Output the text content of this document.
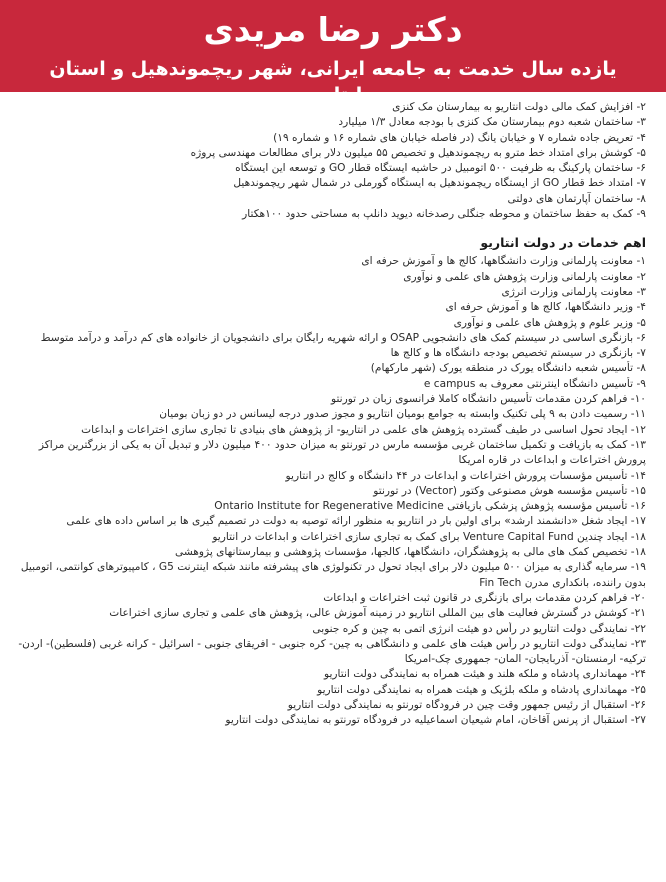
دکتر رضا مریدی
یازده سال خدمت به جامعه ایرانی، شهر ریچموندهیل و استان انتاریو
۲- افزایش کمک مالی دولت انتاریو به بیمارستان مک کنزی
۳- ساختمان شعبه دوم بیمارستان مک کنزی با بودجه معادل ۱/۳ میلیارد
۴- تعریض جاده شماره ۷ و خیابان یانگ (در فاصله خیابان های شماره ۱۶ و شماره ۱۹)
۵- کوشش برای امتداد خط مترو به ریچموندهیل و تخصیص ۵۵ میلیون دلار برای مطالعات مهندسی پروژه
۶- ساختمان پارکینگ به ظرفیت ۵۰۰ اتومبیل در حاشیه ایستگاه قطار GO و توسعه این ایستگاه
۷- امتداد خط قطار GO از ایستگاه ریچموندهیل به ایستگاه گورملی در شمال شهر ریچموندهیل
۸- ساختمان آپارتمان های دولتی
۹- کمک به حفظ ساختمان و محوطه جنگلی رصدخانه دیوید دانلپ به مساحتی حدود ۱۰۰هکتار
اهم خدمات در دولت انتاریو
۱- معاونت پارلمانی وزارت دانشگاهها، کالج ها و آموزش حرفه ای
۲- معاونت پارلمانی وزارت پژوهش های علمی و نوآوری
۳- معاونت پارلمانی وزارت انرژی
۴- وزیر دانشگاهها، کالج ها و آموزش حرفه ای
۵- وزیر علوم و پژوهش های علمی و نوآوری
۶- بازنگری اساسی در سیستم کمک های دانشجویی OSAP و ارائه شهریه رایگان برای دانشجویان از خانواده های کم درآمد و درآمد متوسط
۷- بازنگری در سیستم تخصیص بودجه دانشگاه ها و کالج ها
۸- تأسیس شعبه دانشگاه یورک در منطقه یورک (شهر مارکهام)
۹- تأسیس دانشگاه اینترنتی معروف به e campus
۱۰- فراهم کردن مقدمات تأسیس دانشگاه کاملا فرانسوی زبان در تورنتو
۱۱- رسمیت دادن به ۹ پلی تکنیک وابسته به جوامع بومیان انتاریو و مجوز صدور درجه لیسانس در دو زبان بومیان
۱۲- ایجاد تحول اساسی در طیف گسترده پژوهش های علمی در انتاریو- از پژوهش های بنیادی تا تجاری سازی اختراعات و ابداعات
۱۳- کمک به بازیافت و تکمیل ساختمان غربی مؤسسه مارس در تورنتو به میزان حدود ۴۰۰ میلیون دلار و تبدیل آن به یکی از بزرگترین مراکز پرورش اختراعات و ابداعات در قاره امریکا
۱۴- تأسیس مؤسسات پرورش اختراعات و ابداعات در ۴۴ دانشگاه و کالج در انتاریو
۱۵- تأسیس مؤسسه هوش مصنوعی وکتور (Vector) در تورنتو
۱۶- تأسیس مؤسسه پژوهش پزشکی بازیافتی Ontario Institute for Regenerative Medicine
۱۷- ایجاد شغل «دانشمند ارشد» برای اولین بار در انتاریو به منظور ارائه توصیه به دولت در تصمیم گیری ها بر اساس داده های علمی
۱۸- ایجاد چندین Venture Capital Fund برای کمک به تجاری سازی اختراعات و ابداعات در انتاریو
۱۸- تخصیص کمک های مالی به پژوهشگران، دانشگاهها، کالجها، مؤسسات پژوهشی و بیمارستانهای پژوهشی
۱۹- سرمایه گذاری به میزان ۵۰۰ میلیون دلار برای ایجاد تحول در تکنولوژی های پیشرفته مانند شبکه اینترنت G5 ، کامپیوترهای کوانتمی، اتومبیل بدون راننده، بانکداری مدرن Fin Tech
۲۰- فراهم کردن مقدمات برای بازنگری در قانون ثبت اختراعات و ابداعات
۲۱- کوشش در گسترش فعالیت های بین المللی انتاریو در زمینه آموزش عالی، پژوهش های علمی و تجاری سازی اختراعات
۲۲- نمایندگی دولت انتاریو در رأس دو هیئت انرژی اتمی به چین و کره جنوبی
۲۳- نمایندگی دولت انتاریو در رأس هیئت های علمی و دانشگاهی به چین- کره جنوبی - افریقای جنوبی - اسرائیل - کرانه غربی (فلسطین)- اردن- ترکیه- ارمنستان- آذربایجان- المان- جمهوری چک-امریکا
۲۴- مهمانداری پادشاه و ملکه هلند و هیئت همراه به نمایندگی دولت انتاریو
۲۵- مهمانداری پادشاه و ملکه بلژیک و هیئت همراه به نمایندگی دولت انتاریو
۲۶- استقبال از رئیس جمهور وقت چین در فرودگاه تورنتو به نمایندگی دولت انتاریو
۲۷- استقبال از پرنس آقاخان، امام شیعیان اسماعیلیه در فرودگاه تورنتو به نمایندگی دولت انتاریو
